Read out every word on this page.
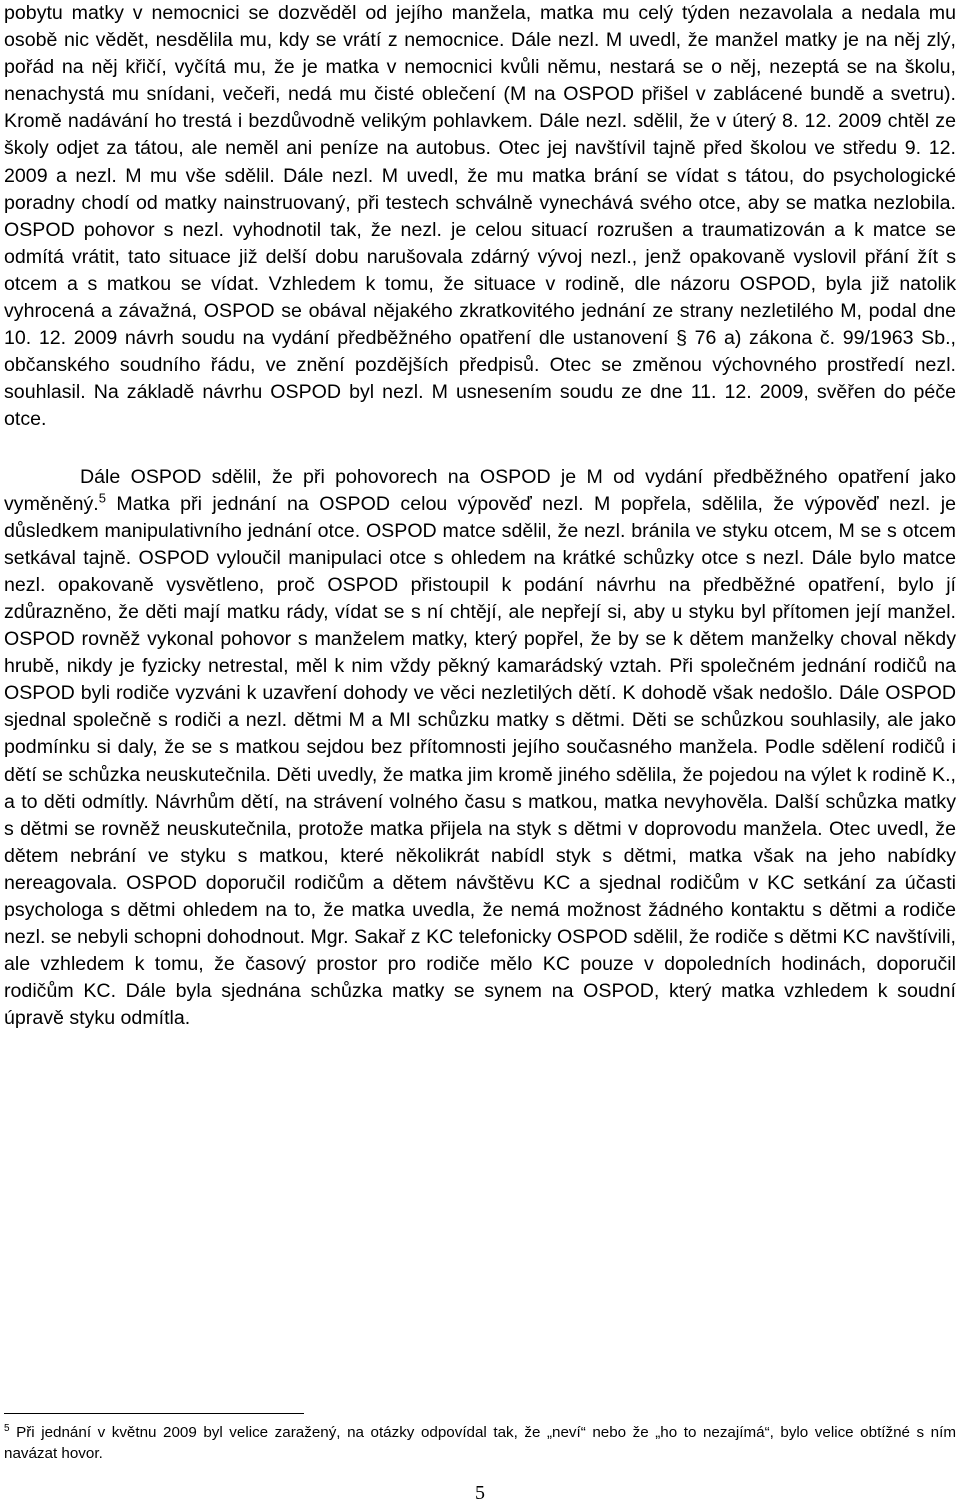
pobytu matky v nemocnici se dozvěděl od jejího manžela, matka mu celý týden nezavolala a nedala mu osobě nic vědět, nesdělila mu, kdy se vrátí z nemocnice. Dále nezl. M uvedl, že manžel matky je na něj zlý, pořád na něj křičí, vyčítá mu, že je matka v nemocnici kvůli němu, nestará se o něj, nezeptá se na školu, nenachystá mu snídani, večeři, nedá mu čisté oblečení (M na OSPOD přišel v zablácené bundě a svetru). Kromě nadávání ho trestá i bezdůvodně velikým pohlavkem. Dále nezl. sdělil, že v úterý 8. 12. 2009 chtěl ze školy odjet za tátou, ale neměl ani peníze na autobus. Otec jej navštívil tajně před školou ve středu 9. 12. 2009 a nezl. M mu vše sdělil. Dále nezl. M uvedl, že mu matka brání se vídat s tátou, do psychologické poradny chodí od matky nainstruovaný, při testech schválně vynechává svého otce, aby se matka nezlobila. OSPOD pohovor s nezl. vyhodnotil tak, že nezl. je celou situací rozrušen a traumatizován a k matce se odmítá vrátit, tato situace již delší dobu narušovala zdárný vývoj nezl., jenž opakovaně vyslovil přání žít s otcem a s matkou se vídat. Vzhledem k tomu, že situace v rodině, dle názoru OSPOD, byla již natolik vyhrocená a závažná, OSPOD se obával nějakého zkratkovitého jednání ze strany nezletilého M, podal dne 10. 12. 2009 návrh soudu na vydání předběžného opatření dle ustanovení § 76 a) zákona č. 99/1963 Sb., občanského soudního řádu, ve znění pozdějších předpisů. Otec se změnou výchovného prostředí nezl. souhlasil. Na základě návrhu OSPOD byl nezl. M usnesením soudu ze dne 11. 12. 2009, svěřen do péče otce.

Dále OSPOD sdělil, že při pohovorech na OSPOD je M od vydání předběžného opatření jako vyměněný.$^5$ Matka při jednání na OSPOD celou výpověď nezl. M popřela, sdělila, že výpověď nezl. je důsledkem manipulativního jednání otce. OSPOD matce sdělil, že nezl. bránila ve styku otcem, M se s otcem setkával tajně. OSPOD vyloučil manipulaci otce s ohledem na krátké schůzky otce s nezl. Dále bylo matce nezl. opakovaně vysvětleno, proč OSPOD přistoupil k podání návrhu na předběžné opatření, bylo jí zdůrazněno, že děti mají matku rády, vídat se s ní chtějí, ale nepřejí si, aby u styku byl přítomen její manžel. OSPOD rovněž vykonal pohovor s manželem matky, který popřel, že by se k dětem manželky choval někdy hrubě, nikdy je fyzicky netrestal, měl k nim vždy pěkný kamarádský vztah. Při společném jednání rodičů na OSPOD byli rodiče vyzváni k uzavření dohody ve věci nezletilých dětí. K dohodě však nedošlo. Dále OSPOD sjednal společně s rodiči a nezl. dětmi M a MI schůzku matky s dětmi. Děti se schůzkou souhlasily, ale jako podmínku si daly, že se s matkou sejdou bez přítomnosti jejího současného manžela. Podle sdělení rodičů i dětí se schůzka neuskutečnila. Děti uvedly, že matka jim kromě jiného sdělila, že pojedou na výlet k rodině K., a to děti odmítly. Návrhům dětí, na strávení volného času s matkou, matka nevyhověla. Další schůzka matky s dětmi se rovněž neuskutečnila, protože matka přijela na styk s dětmi v doprovodu manžela. Otec uvedl, že dětem nebrání ve styku s matkou, které několikrát nabídl styk s dětmi, matka však na jeho nabídky nereagovala. OSPOD doporučil rodičům a dětem návštěvu KC a sjednal rodičům v KC setkání za účasti psychologa s dětmi ohledem na to, že matka uvedla, že nemá možnost žádného kontaktu s dětmi a rodiče nezl. se nebyli schopni dohodnout. Mgr. Sakař z KC telefonicky OSPOD sdělil, že rodiče s dětmi KC navštívili, ale vzhledem k tomu, že časový prostor pro rodiče mělo KC pouze v dopoledních hodinách, doporučil rodičům KC. Dále byla sjednána schůzka matky se synem na OSPOD, který matka vzhledem k soudní úpravě styku odmítla.

$^5$ Při jednání v květnu 2009 byl velice zaražený, na otázky odpovídal tak, že „neví“ nebo že „ho to nezajímá“, bylo velice obtížné s ním navázat hovor.
5
